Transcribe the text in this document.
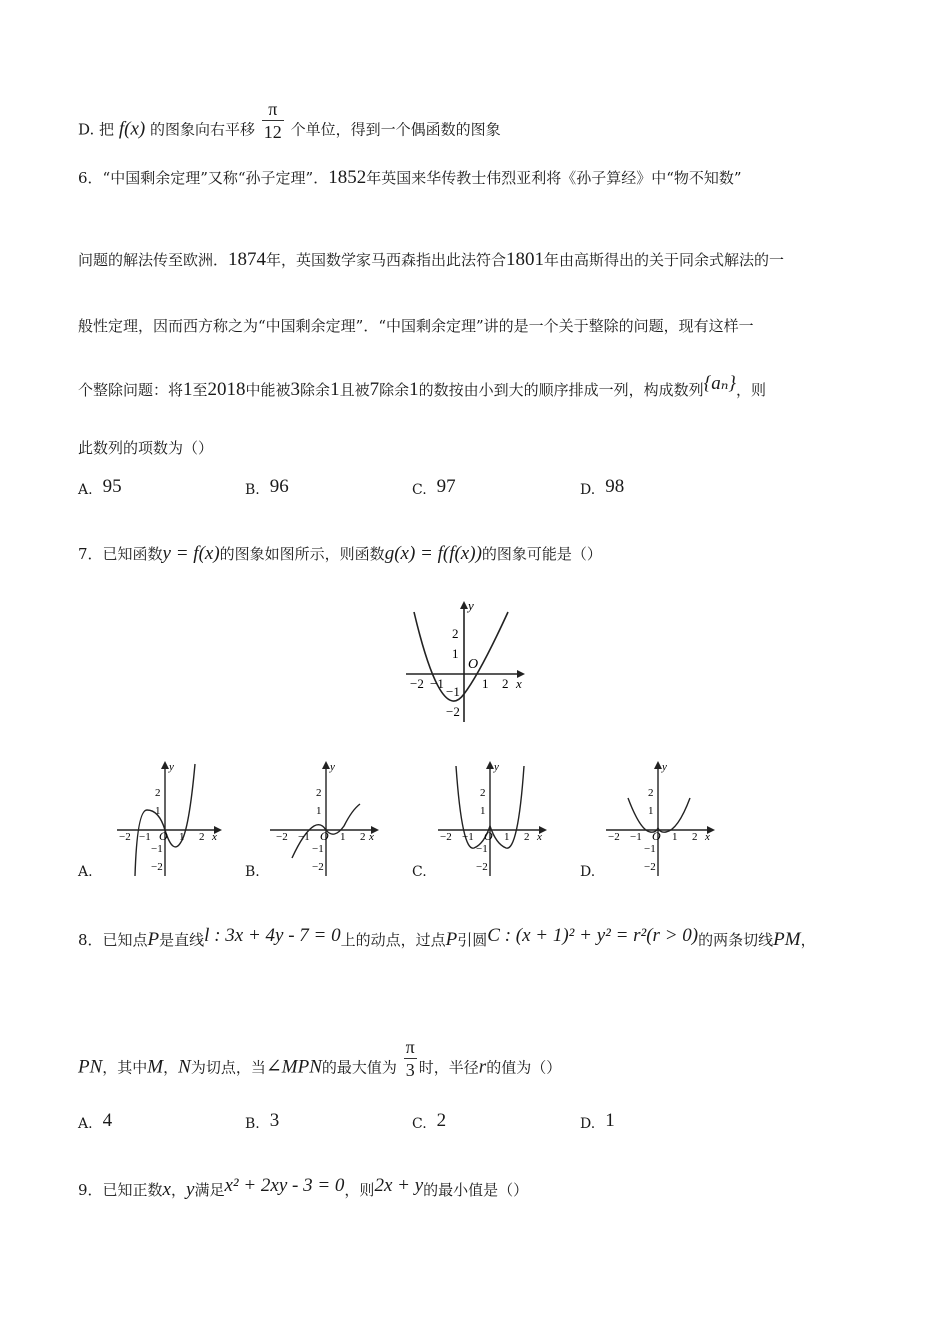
D. 把 f(x) 的图象向右平移 $\frac{\pi}{12}$ 个单位，得到一个偶函数的图象
6．“中国剩余定理”又称“孙子定理”．1852年英国来华传教士伟烈亚利将《孙子算经》中“物不知数”
问题的解法传至欧洲．1874年，英国数学家马西森指出此法符合1801年由高斯得出的关于同余式解法的一
般性定理，因而西方称之为“中国剩余定理”．“中国剩余定理”讲的是一个关于整除的问题，现有这样一
个整除问题：将1至2018中能被3除余1且被7除余1的数按由小到大的顺序排成一列，构成数列{aₙ}，则
此数列的项数为（）
A. 95	B. 96	C. 97	D. 98
7．已知函数y = f(x)的图象如图所示，则函数g(x) = f(f(x))的图象可能是（）
y
x
O
−2 −1	1 2
2
1
−1
−2
y
x
O
−2 −1	1 2
2
1
−1
−2
y
x
O
−2 −1	1 2
2
1
−1
−2
y
x
O
−2 −1	1 2
2
1
−1
−2
y
x
O
−2 −1	1 2
2
1
−1
−2
A.	B.	C.	D.
8．已知点P是直线l : 3x + 4y - 7 = 0上的动点，过点P引圆C : (x + 1)² + y² = r²(r > 0)的两条切线PM，
PN，其中M，N为切点，当∠MPN的最大值为 $\frac{\pi}{3}$ 时，半径r的值为（）
A. 4	B. 3	C. 2	D. 1
9．已知正数x，y满足x² + 2xy - 3 = 0，则2x + y的最小值是（）
